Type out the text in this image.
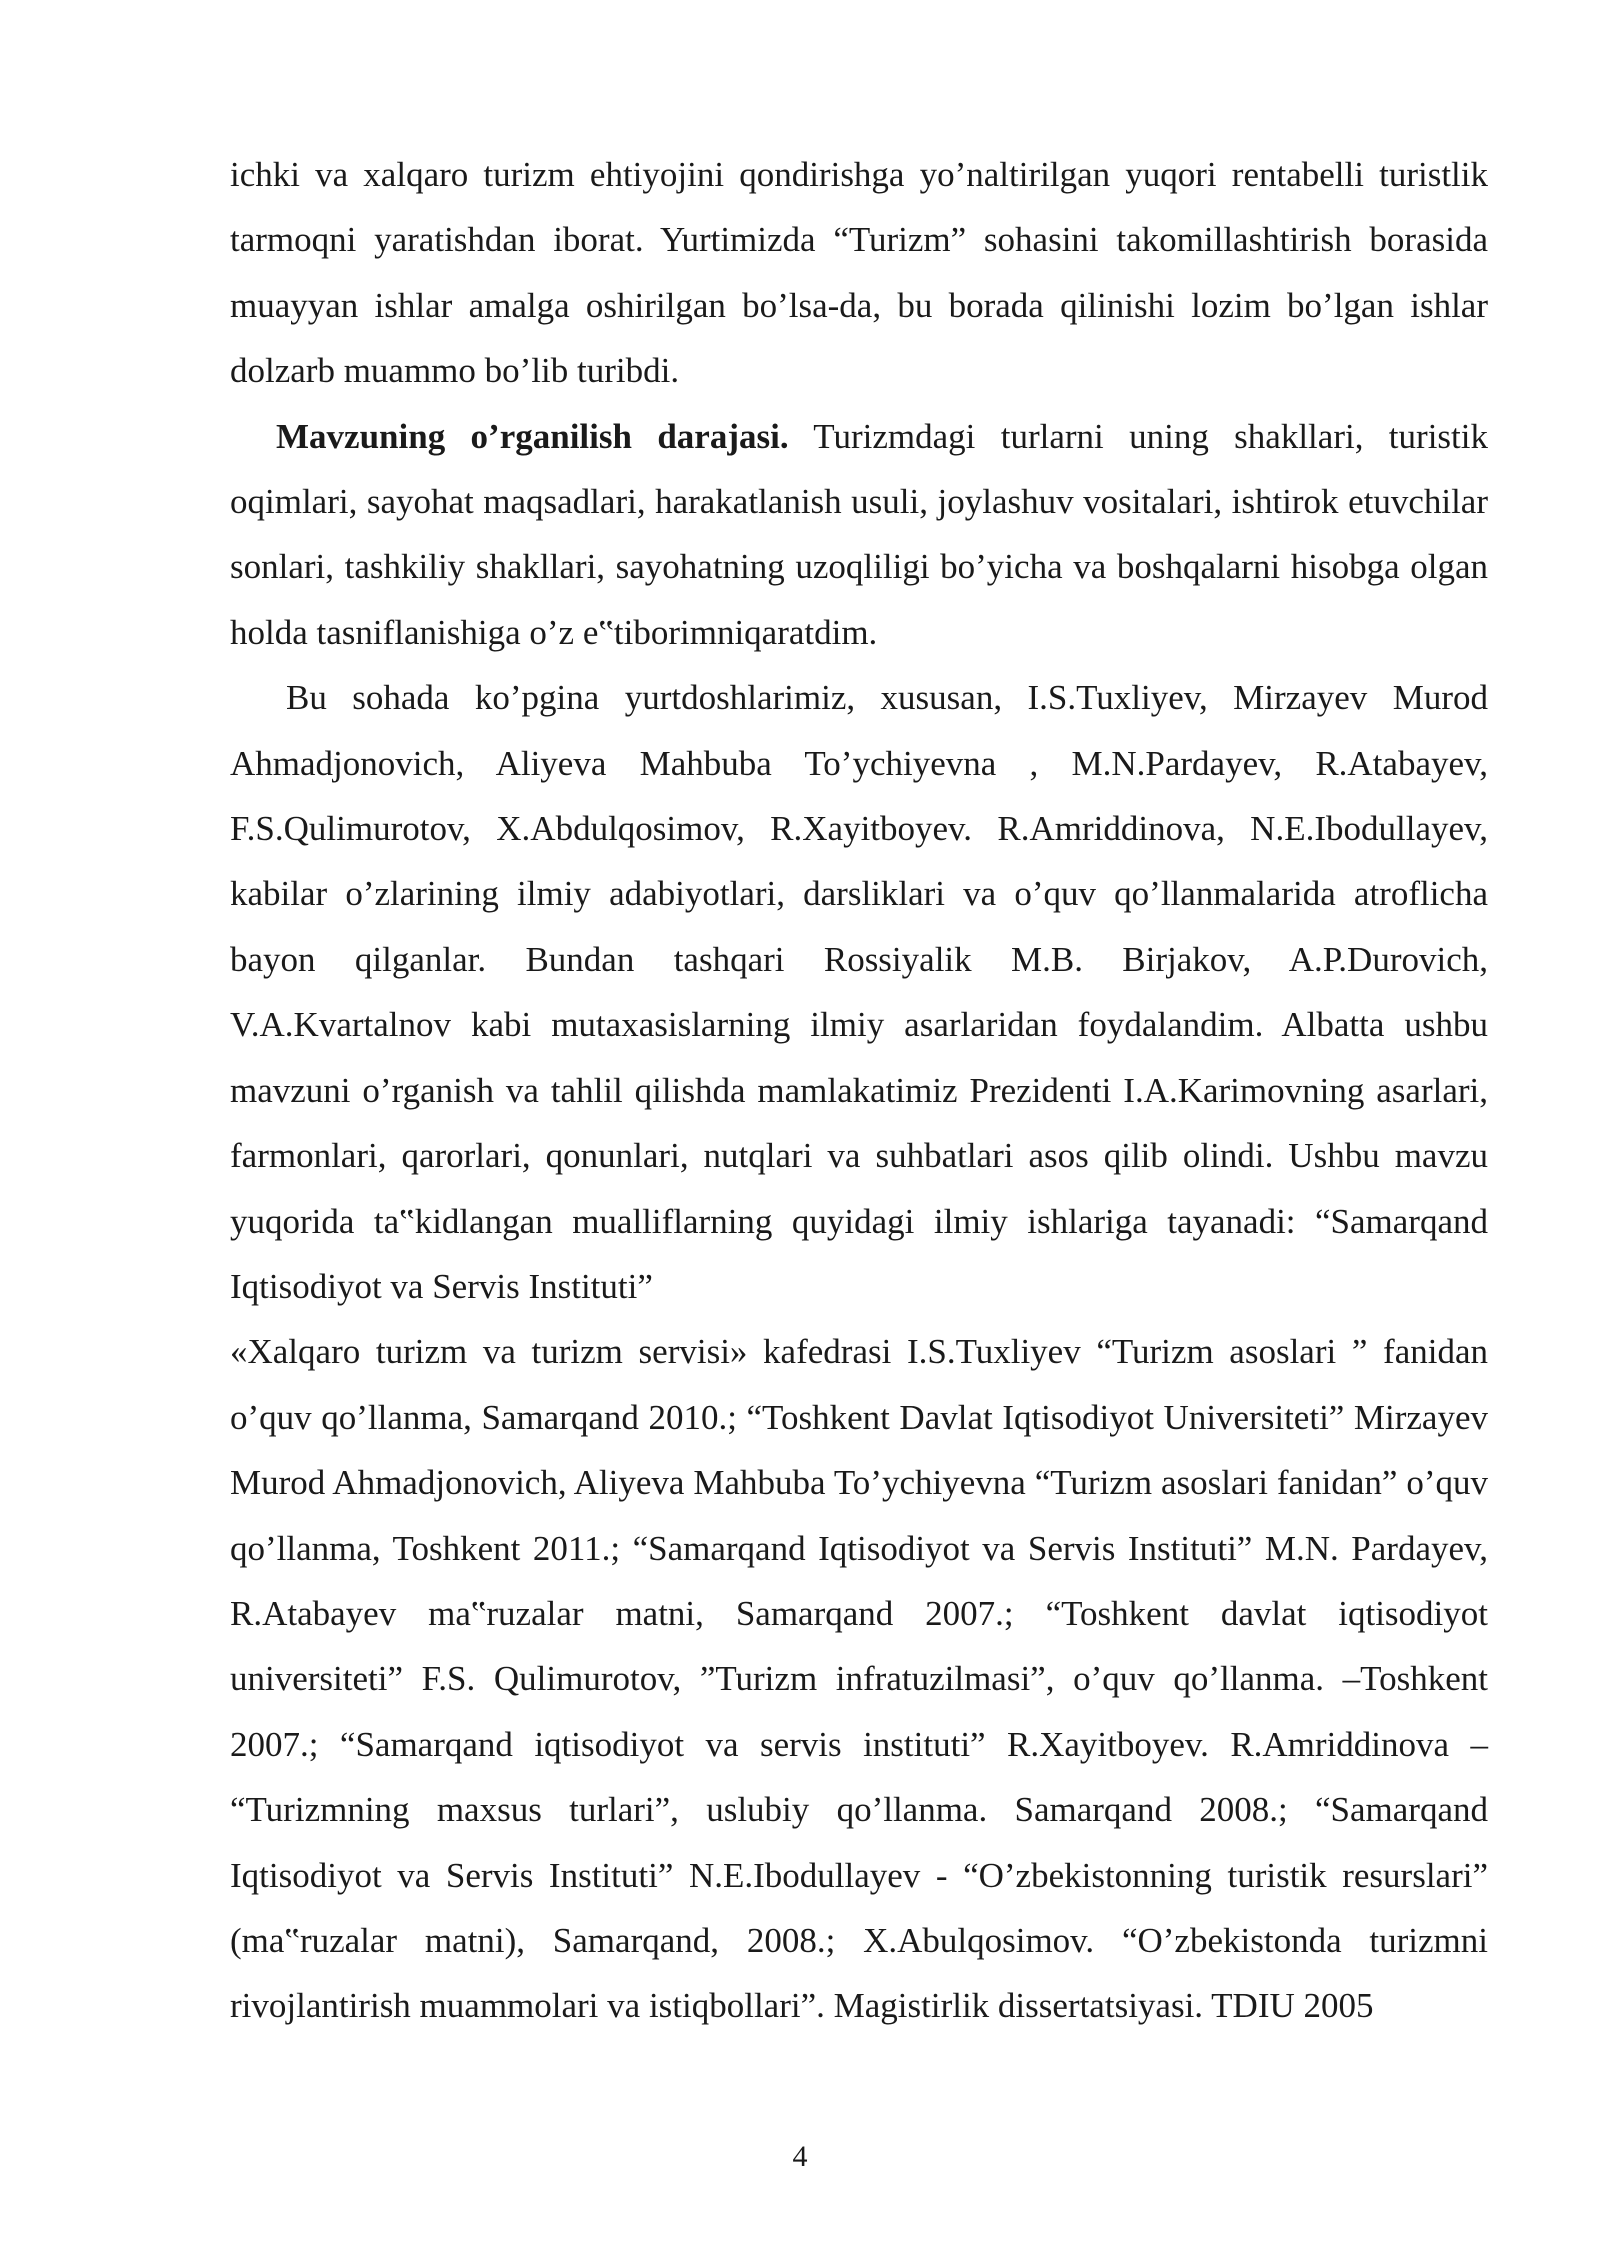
ichki va xalqaro turizm ehtiyojini qondirishga yo’naltirilgan yuqori rentabelli turistlik tarmoqni yaratishdan iborat. Yurtimizda “Turizm” sohasini takomillashtirish borasida muayyan ishlar amalga oshirilgan bo’lsa-da, bu borada qilinishi lozim bo’lgan ishlar dolzarb muammo bo’lib turibdi.

Mavzuning o’rganilish darajasi. Turizmdagi turlarni uning shakllari, turistik oqimlari, sayohat maqsadlari, harakatlanish usuli, joylashuv vositalari, ishtirok etuvchilar sonlari, tashkiliy shakllari, sayohatning uzoqliligi bo’yicha va boshqalarni hisobga olgan holda tasniflanishiga o’z e‟tiborimniqaratdim.

Bu sohada ko’pgina yurtdoshlarimiz, xususan, I.S.Tuxliyev, Mirzayev Murod Ahmadjonovich, Aliyeva Mahbuba To’ychiyevna , M.N.Pardayev, R.Atabayev, F.S.Qulimurotov, X.Abdulqosimov, R.Xayitboyev. R.Amriddinova, N.E.Ibodullayev, kabilar o’zlarining ilmiy adabiyotlari, darsliklari va o’quv qo’llanmalarida atroflicha bayon qilganlar. Bundan tashqari Rossiyalik M.B. Birjakov, A.P.Durovich, V.A.Kvartalnov kabi mutaxasislarning ilmiy asarlaridan foydalandim. Albatta ushbu mavzuni o’rganish va tahlil qilishda mamlakatimiz Prezidenti I.A.Karimovning asarlari, farmonlari, qarorlari, qonunlari, nutqlari va suhbatlari asos qilib olindi. Ushbu mavzu yuqorida ta‟kidlangan mualliflarning quyidagi ilmiy ishlariga tayanadi: “Samarqand Iqtisodiyot va Servis Instituti”

«Xalqaro turizm va turizm servisi» kafedrasi I.S.Tuxliyev “Turizm asoslari ” fanidan o’quv qo’llanma, Samarqand 2010.; “Toshkent Davlat Iqtisodiyot Universiteti” Mirzayev Murod Ahmadjonovich, Aliyeva Mahbuba To’ychiyevna “Turizm asoslari fanidan” o’quv qo’llanma, Toshkent 2011.; “Samarqand Iqtisodiyot va Servis Instituti” M.N. Pardayev, R.Atabayev ma‟ruzalar matni, Samarqand 2007.; “Toshkent davlat iqtisodiyot universiteti” F.S. Qulimurotov, ”Turizm infratuzilmasi”, o’quv qo’llanma. –Toshkent 2007.; “Samarqand iqtisodiyot va servis instituti” R.Xayitboyev. R.Amriddinova – “Turizmning maxsus turlari”, uslubiy qo’llanma. Samarqand 2008.; “Samarqand Iqtisodiyot va Servis Instituti” N.E.Ibodullayev - “O’zbekistonning turistik resurslari” (ma‟ruzalar matni), Samarqand, 2008.; X.Abulqosimov. “O’zbekistonda turizmni rivojlantirish muammolari va istiqbollari”. Magistirlik dissertatsiyasi. TDIU 2005

4
